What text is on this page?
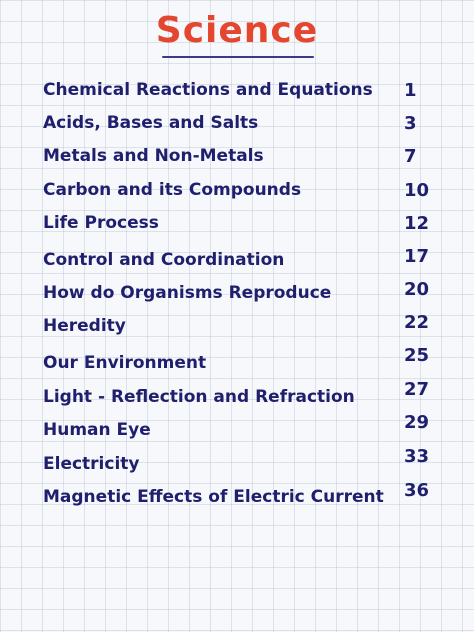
Science
Chemical Reactions and Equations 1
Acids, Bases and Salts	3
Metals and Non-Metals	7
Carbon and its Compounds	10
Life Process	12
Control and Coordination	17
How do Organisms Reproduce	20
Heredity	22
Our Environment	25
Light - Reflection and Refraction	27
Human Eye	29
Electricity	33
Magnetic Effects of Electric Current 36
